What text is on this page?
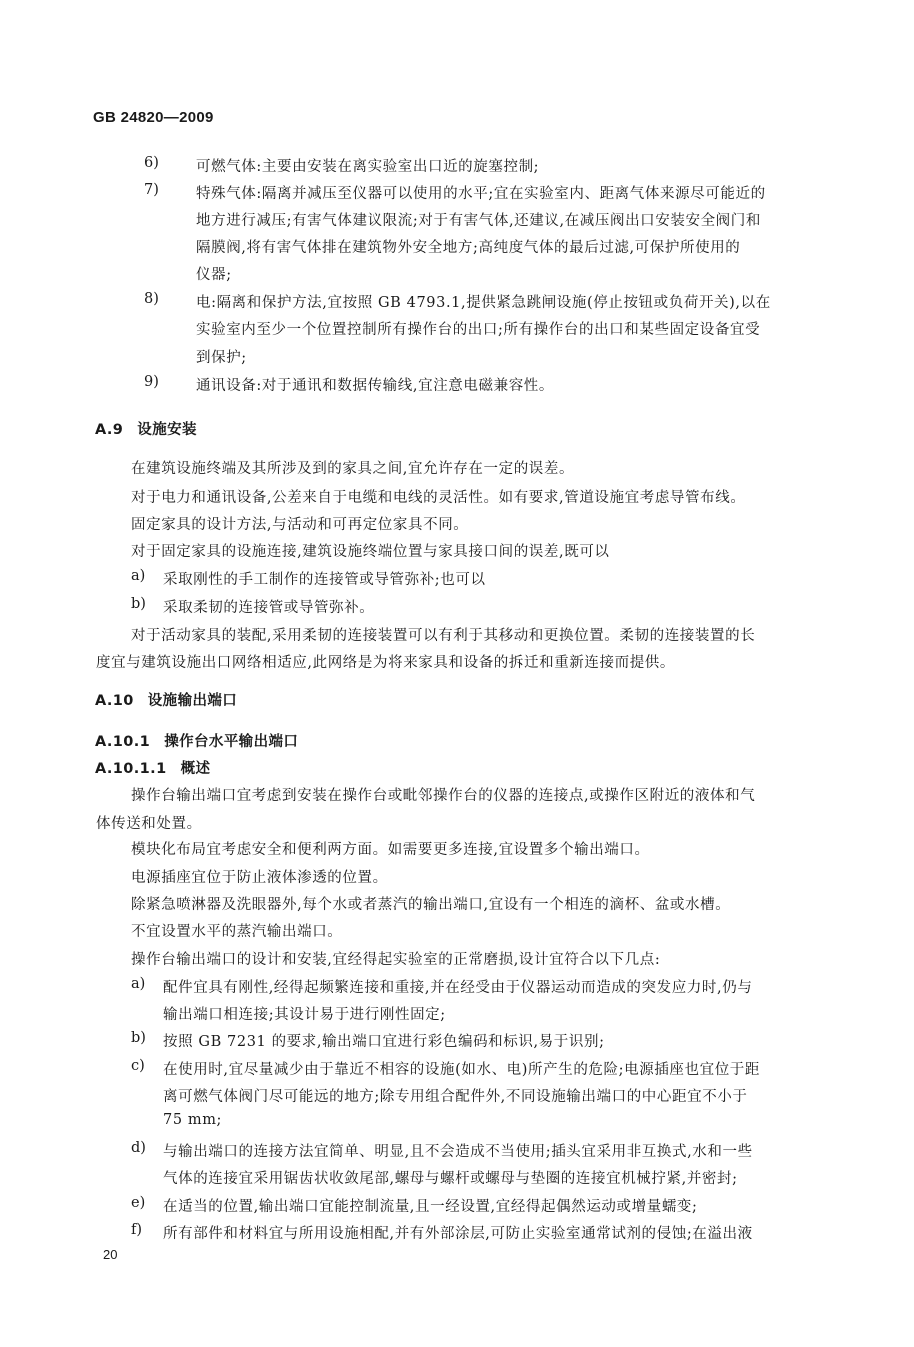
GB 24820—2009
6)	可燃气体:主要由安装在离实验室出口近的旋塞控制;
7)	特殊气体:隔离并减压至仪器可以使用的水平;宜在实验室内、距离气体来源尽可能近的
地方进行减压;有害气体建议限流;对于有害气体,还建议,在减压阀出口安装安全阀门和
隔膜阀,将有害气体排在建筑物外安全地方;高纯度气体的最后过滤,可保护所使用的
仪器;
8)	电:隔离和保护方法,宜按照 GB 4793.1,提供紧急跳闸设施(停止按钮或负荷开关),以在
实验室内至少一个位置控制所有操作台的出口;所有操作台的出口和某些固定设备宜受
到保护;
9)	通讯设备:对于通讯和数据传输线,宜注意电磁兼容性。
A.9 设施安装
在建筑设施终端及其所涉及到的家具之间,宜允许存在一定的误差。
对于电力和通讯设备,公差来自于电缆和电线的灵活性。如有要求,管道设施宜考虑导管布线。
固定家具的设计方法,与活动和可再定位家具不同。
对于固定家具的设施连接,建筑设施终端位置与家具接口间的误差,既可以
a) 采取刚性的手工制作的连接管或导管弥补;也可以
b) 采取柔韧的连接管或导管弥补。
对于活动家具的装配,采用柔韧的连接装置可以有利于其移动和更换位置。柔韧的连接装置的长
度宜与建筑设施出口网络相适应,此网络是为将来家具和设备的拆迁和重新连接而提供。
A.10 设施输出端口
A.10.1 操作台水平输出端口
A.10.1.1 概述
操作台输出端口宜考虑到安装在操作台或毗邻操作台的仪器的连接点,或操作区附近的液体和气
体传送和处置。
模块化布局宜考虑安全和便利两方面。如需要更多连接,宜设置多个输出端口。
电源插座宜位于防止液体渗透的位置。
除紧急喷淋器及洗眼器外,每个水或者蒸汽的输出端口,宜设有一个相连的滴杯、盆或水槽。
不宜设置水平的蒸汽输出端口。
操作台输出端口的设计和安装,宜经得起实验室的正常磨损,设计宜符合以下几点:
a) 配件宜具有刚性,经得起频繁连接和重接,并在经受由于仪器运动而造成的突发应力时,仍与
输出端口相连接;其设计易于进行刚性固定;
b) 按照 GB 7231 的要求,输出端口宜进行彩色编码和标识,易于识别;
c) 在使用时,宜尽量减少由于靠近不相容的设施(如水、电)所产生的危险;电源插座也宜位于距
离可燃气体阀门尽可能远的地方;除专用组合配件外,不同设施输出端口的中心距宜不小于
75 mm;
d) 与输出端口的连接方法宜简单、明显,且不会造成不当使用;插头宜采用非互换式,水和一些
气体的连接宜采用锯齿状收敛尾部,螺母与螺杆或螺母与垫圈的连接宜机械拧紧,并密封;
e) 在适当的位置,输出端口宜能控制流量,且一经设置,宜经得起偶然运动或增量蠕变;
f) 所有部件和材料宜与所用设施相配,并有外部涂层,可防止实验室通常试剂的侵蚀;在溢出液
20
